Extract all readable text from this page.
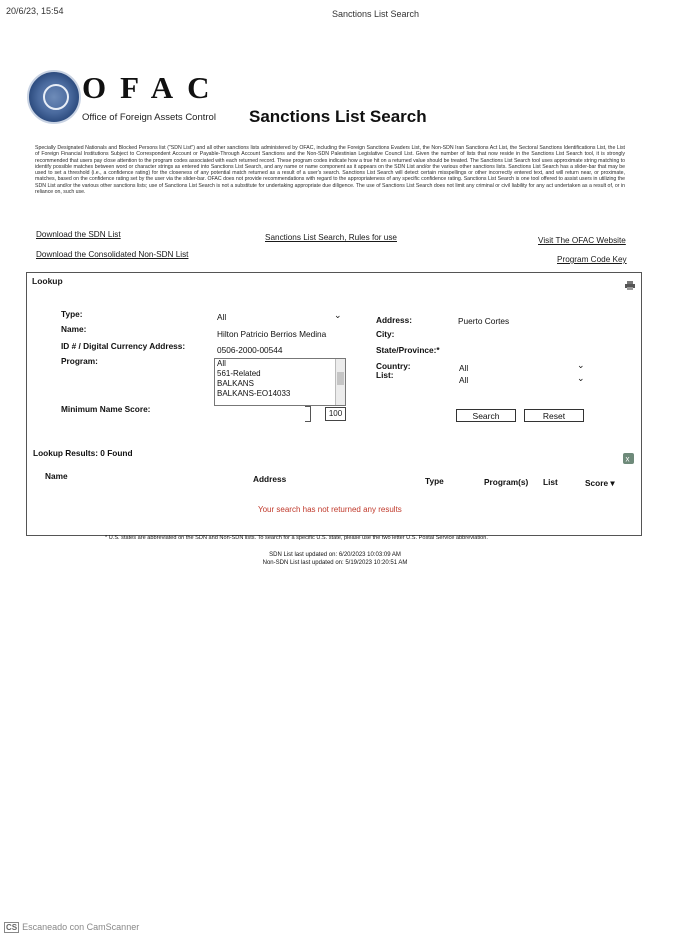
20/6/23, 15:54	Sanctions List Search
OFAC
Office of Foreign Assets Control Sanctions List Search
Specially Designated Nationals and Blocked Persons list ("SDN List") and all other sanctions lists administered by OFAC, including the Foreign Sanctions Evaders List, the Non-SDN Iran Sanctions Act List, the Sectoral Sanctions Identifications List, the List of Foreign Financial Institutions Subject to Correspondent Account or Payable-Through Account Sanctions and the Non-SDN Palestinian Legislative Council List. Given the number of lists that now reside in the Sanctions List Search tool, it is strongly recommended that users pay close attention to the program codes associated with each returned record. These program codes indicate how a true hit on a returned value should be treated. The Sanctions List Search tool uses approximate string matching to identify possible matches between word or character strings as entered into Sanctions List Search, and any name or name component as it appears on the SDN List and/or the various other sanctions lists. Sanctions List Search has a slider-bar that may be used to set a threshold (i.e., a confidence rating) for the closeness of any potential match returned as a result of a user's search. Sanctions List Search will detect certain misspellings or other incorrectly entered text, and will return near, or proximate, matches, based on the confidence rating set by the user via the slider-bar. OFAC does not provide recommendations with regard to the appropriateness of any specific confidence rating. Sanctions List Search is one tool offered to assist users in utilizing the SDN List and/or the various other sanctions lists; use of Sanctions List Search is not a substitute for undertaking appropriate due diligence. The use of Sanctions List Search does not limit any criminal or civil liability for any act undertaken as a result of, or in reliance on, such use.
Download the SDN List	Sanctions List Search, Rules for use	Visit The OFAC Website
Download the Consolidated Non-SDN List
Program Code Key
Lookup
Type:	All	⌄
Name:	Hilton Patricio Berrios Medina
ID # / Digital Currency Address:	0506-2000-00544
Program:	All
561-Related
BALKANS
BALKANS-EO14033
Minimum Name Score:	100
Address:	Puerto Cortes
City:
State/Province:*
Country:	All	⌄
List:	All	⌄
Search	Reset
Lookup Results: 0 Found
x
Name	Address	Type	Program(s) List	Score ▾
Your search has not returned any results
* U.S. states are abbreviated on the SDN and Non-SDN lists. To search for a specific U.S. state, please use the two letter U.S. Postal Service abbreviation.
SDN List last updated on: 6/20/2023 10:03:09 AM
Non-SDN List last updated on: 5/19/2023 10:20:51 AM
CS Escaneado con CamScanner
